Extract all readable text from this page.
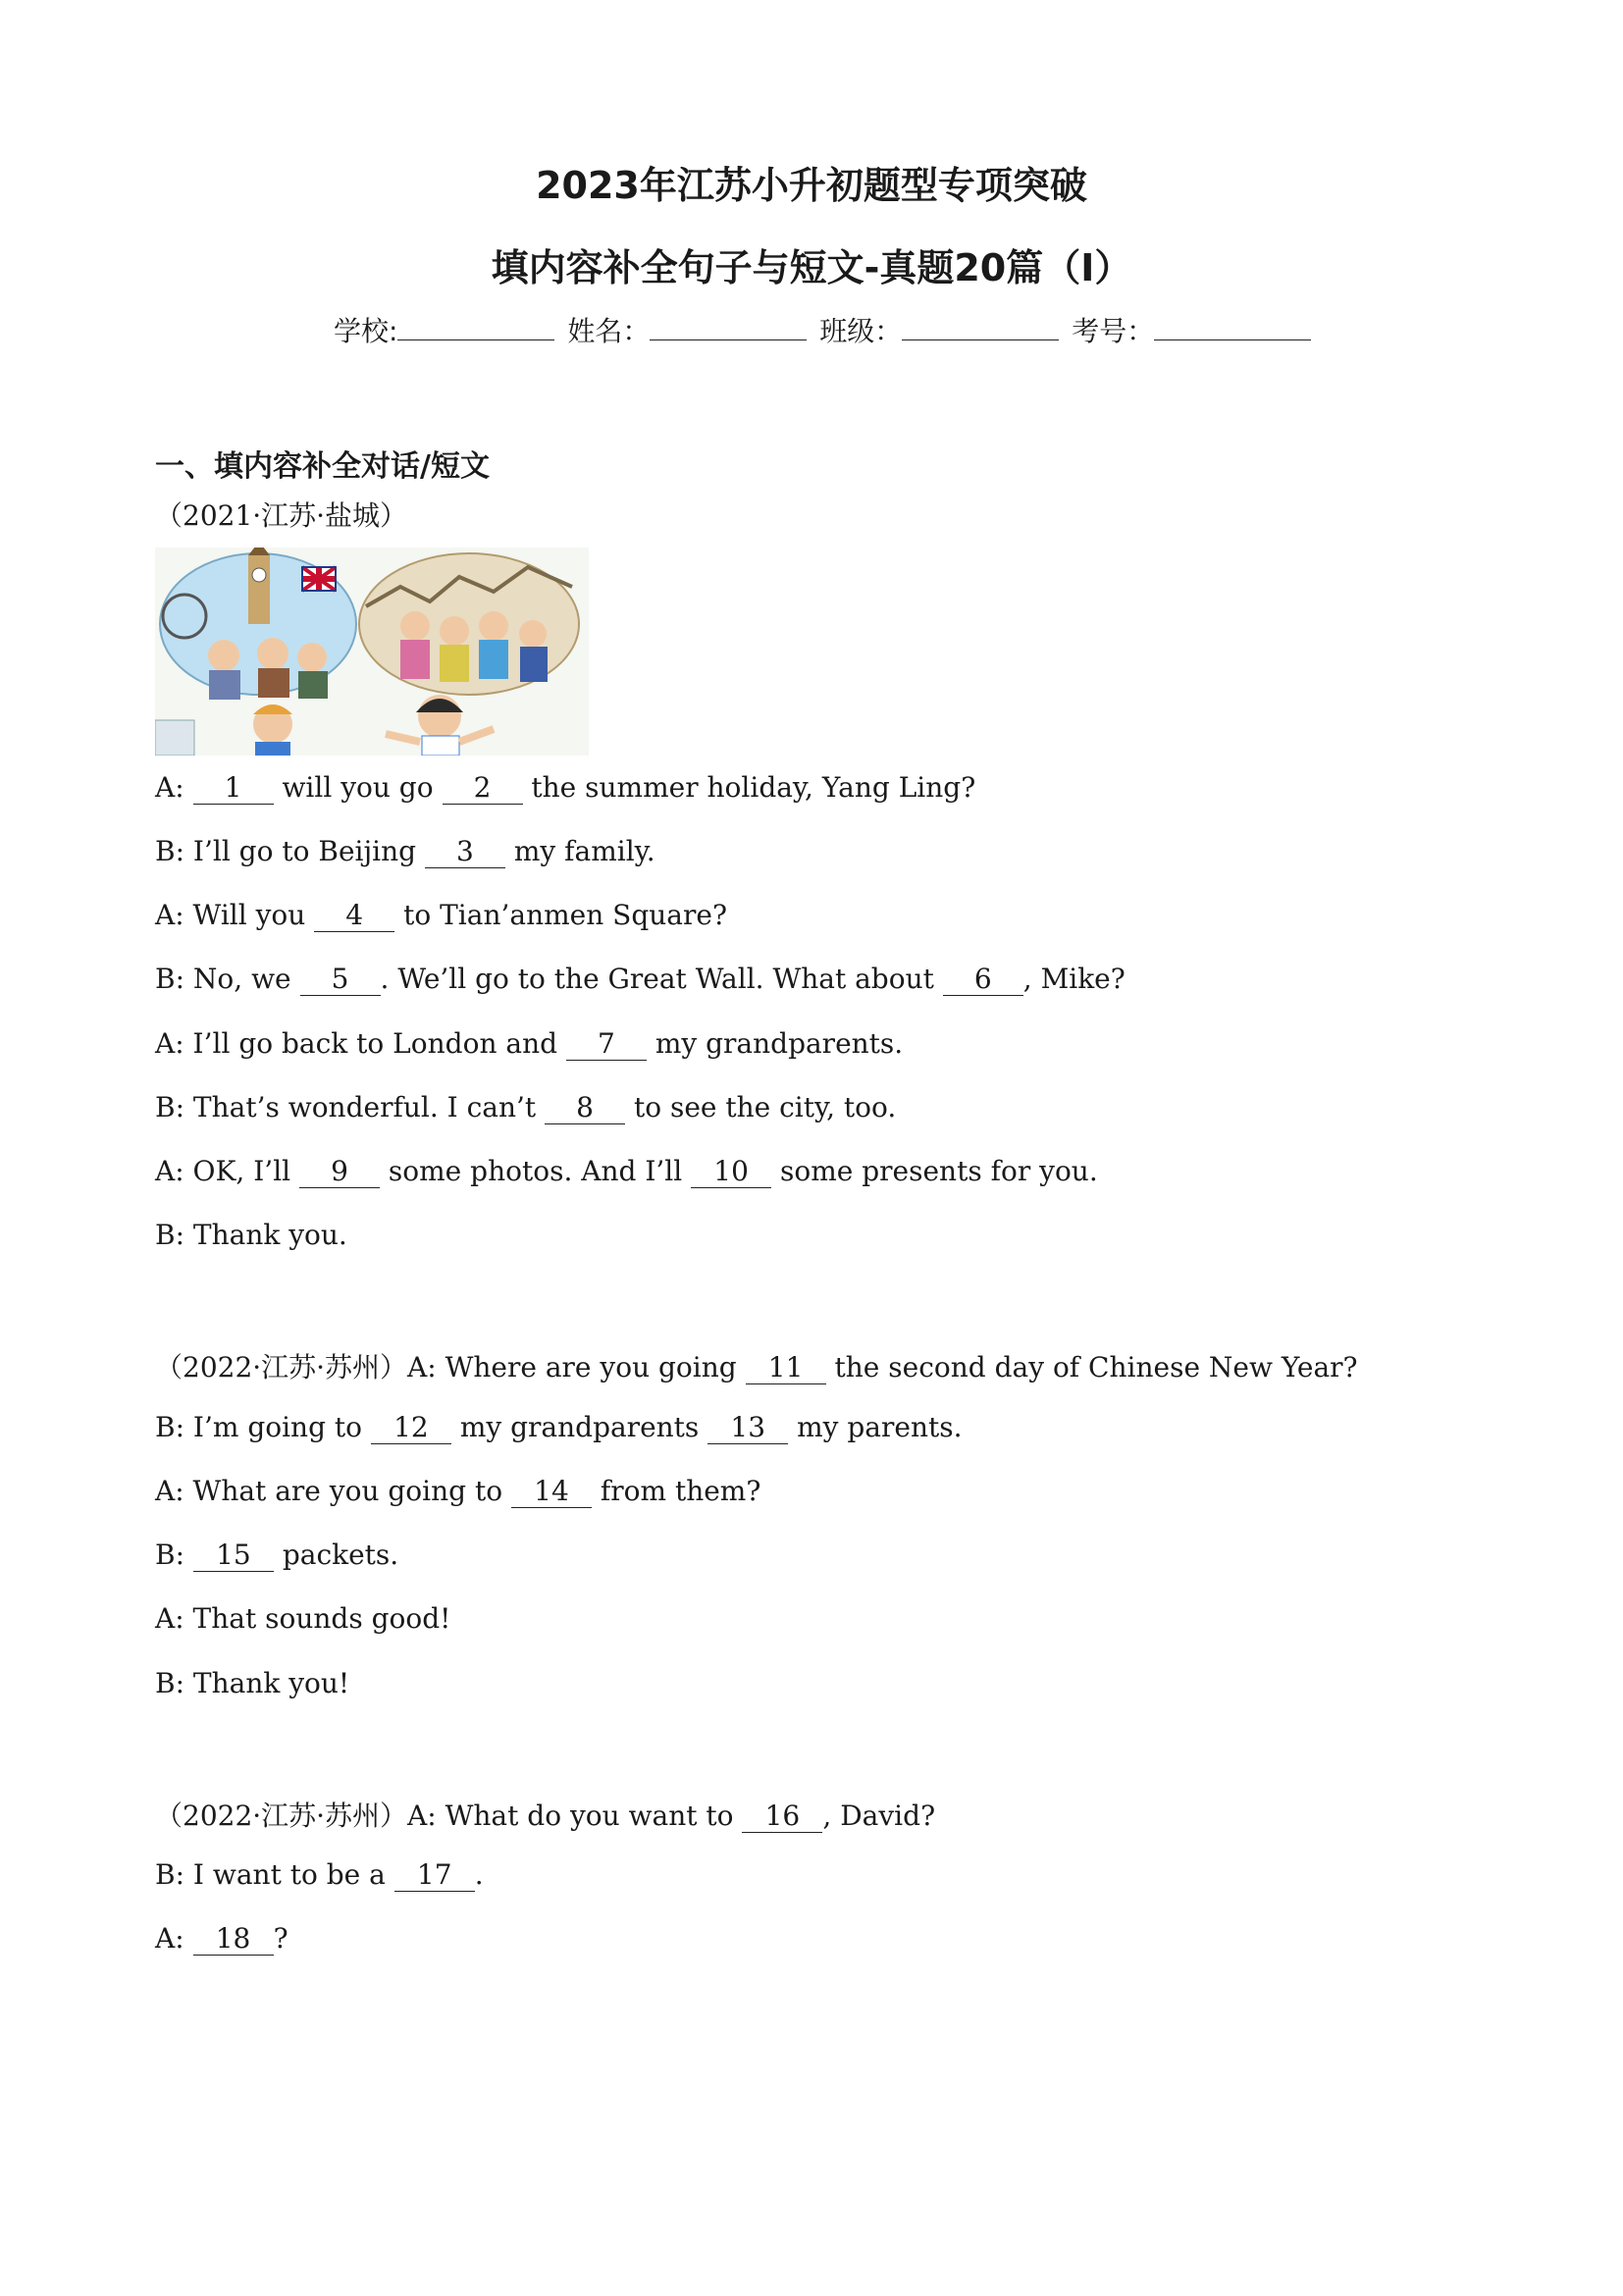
2023年江苏小升初题型专项突破
填内容补全句子与短文-真题20篇（Ⅰ）
学校:	姓名：	班级：	考号：
一、填内容补全对话/短文
（2021·江苏·盐城）
A: 1 will you go 2 the summer holiday, Yang Ling?
B: I’ll go to Beijing 3 my family.
A: Will you 4 to Tian’anmen Square?
B: No, we 5 . We’ll go to the Great Wall. What about 6 , Mike?
A: I’ll go back to London and 7 my grandparents.
B: That’s wonderful. I can’t 8 to see the city, too.
A: OK, I’ll 9 some photos. And I’ll 10 some presents for you.
B: Thank you.
（2022·江苏·苏州）A: Where are you going 11 the second day of Chinese New Year?
B: I’m going to 12 my grandparents 13 my parents.
A: What are you going to 14 from them?
B: 15 packets.
A: That sounds good!
B: Thank you!
（2022·江苏·苏州）A: What do you want to 16 , David?
B: I want to be a 17 .
A: 18 ?
